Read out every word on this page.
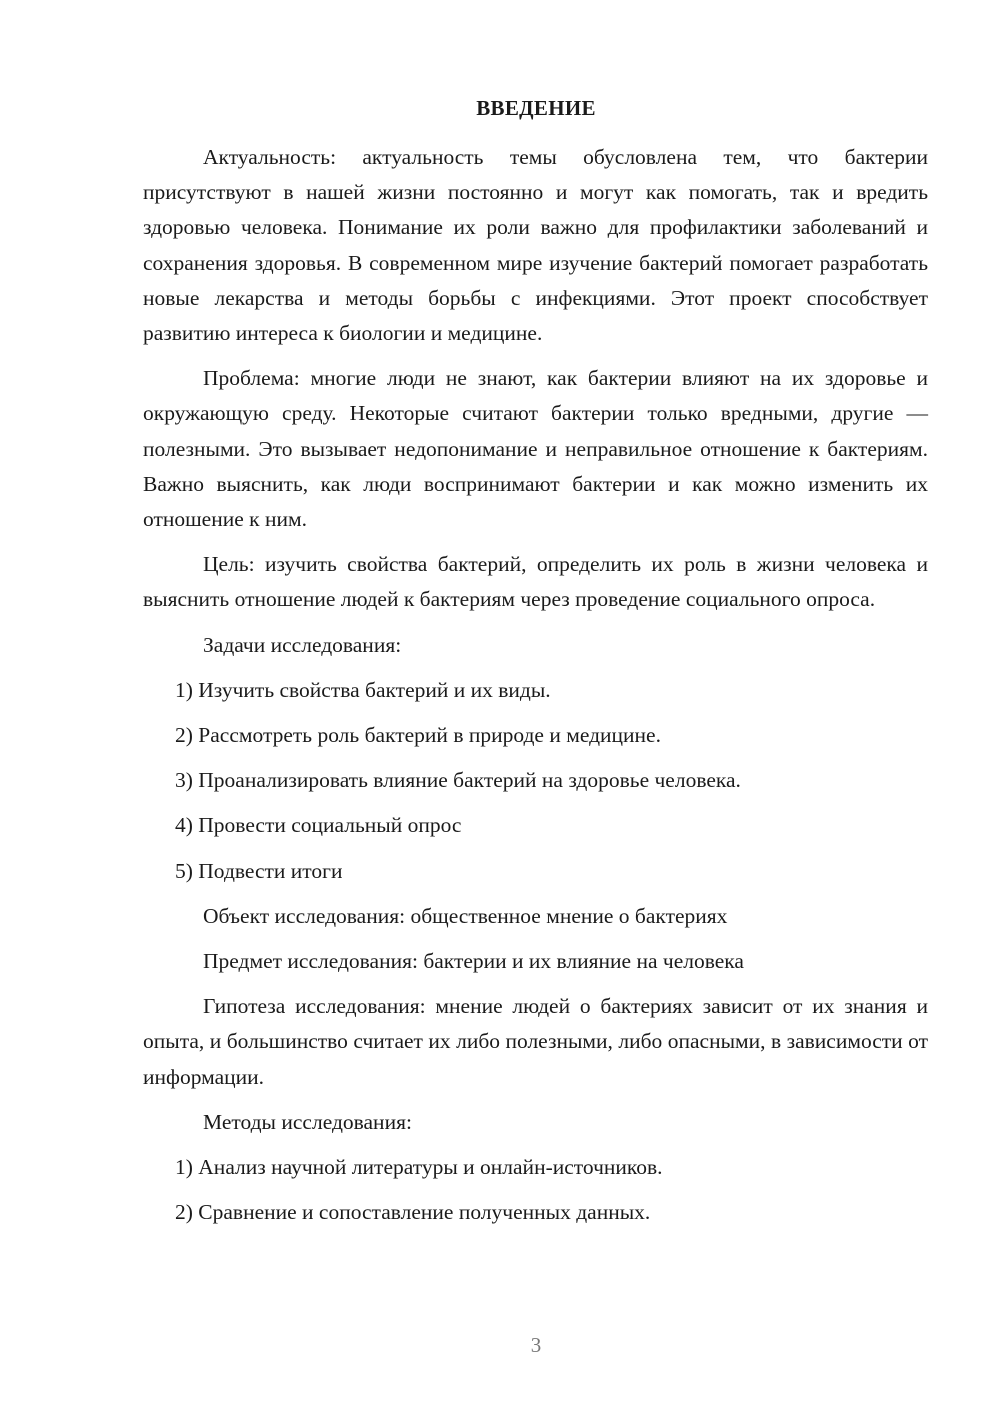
ВВЕДЕНИЕ

Актуальность: актуальность темы обусловлена тем, что бактерии присутствуют в нашей жизни постоянно и могут как помогать, так и вредить здоровью человека. Понимание их роли важно для профилактики заболеваний и сохранения здоровья. В современном мире изучение бактерий помогает разработать новые лекарства и методы борьбы с инфекциями. Этот проект способствует развитию интереса к биологии и медицине.

Проблема: многие люди не знают, как бактерии влияют на их здоровье и окружающую среду. Некоторые считают бактерии только вредными, другие — полезными. Это вызывает недопонимание и неправильное отношение к бактериям. Важно выяснить, как люди воспринимают бактерии и как можно изменить их отношение к ним.

Цель: изучить свойства бактерий, определить их роль в жизни человека и выяснить отношение людей к бактериям через проведение социального опроса.

Задачи исследования:

1) Изучить свойства бактерий и их виды.

2) Рассмотреть роль бактерий в природе и медицине.

3) Проанализировать влияние бактерий на здоровье человека.

4) Провести социальный опрос

5) Подвести итоги

Объект исследования: общественное мнение о бактериях

Предмет исследования: бактерии и их влияние на человека

Гипотеза исследования: мнение людей о бактериях зависит от их знания и опыта, и большинство считает их либо полезными, либо опасными, в зависимости от информации.

Методы исследования:

1) Анализ научной литературы и онлайн-источников.

2) Сравнение и сопоставление полученных данных.

3
